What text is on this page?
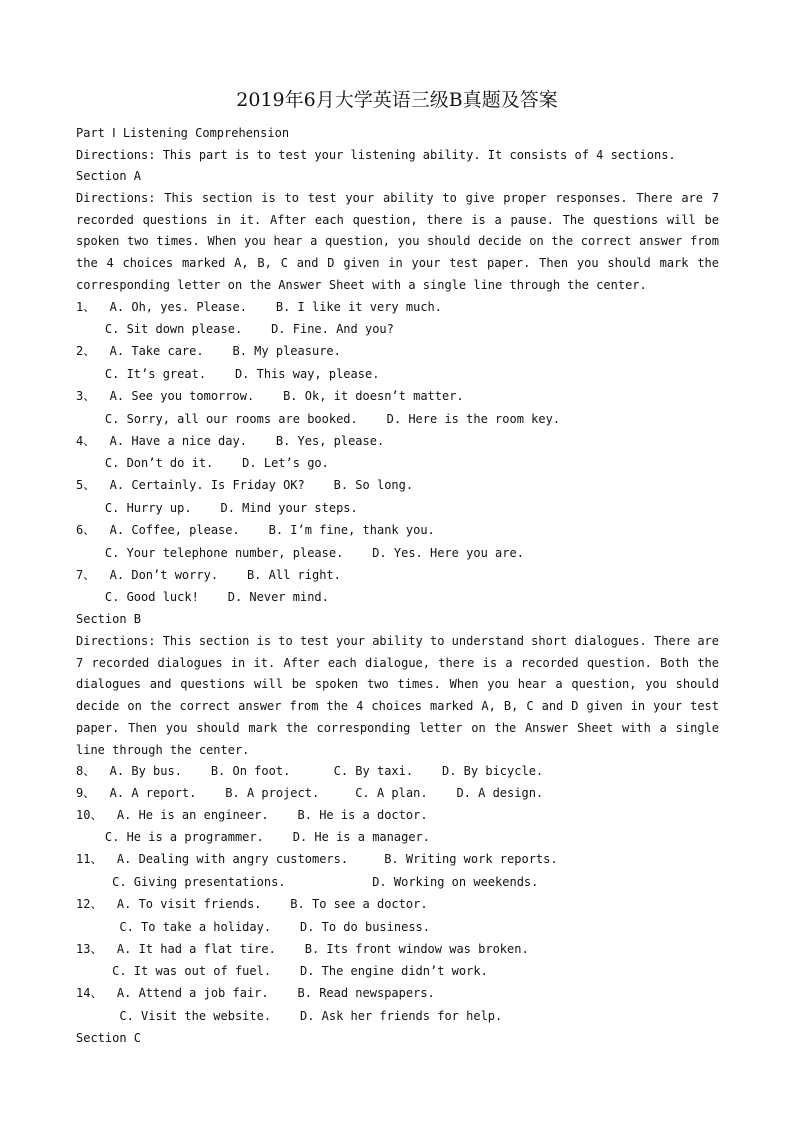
2019年6月大学英语三级B真题及答案
Part Ⅰ Listening Comprehension
Directions: This part is to test your listening ability. It consists of 4 sections.
Section A
Directions: This section is to test your ability to give proper responses. There are 7 recorded questions in it. After each question, there is a pause. The questions will be spoken two times. When you hear a question, you should decide on the correct answer from the 4 choices marked A, B, C and D given in your test paper. Then you should mark the corresponding letter on the Answer Sheet with a single line through the center.
1、  A. Oh, yes. Please.    B. I like it very much.
C. Sit down please.    D. Fine. And you?
2、  A. Take care.    B. My pleasure.
C. It’s great.    D. This way, please.
3、  A. See you tomorrow.    B. Ok, it doesn’t matter.
C. Sorry, all our rooms are booked.    D. Here is the room key.
4、  A. Have a nice day.    B. Yes, please.
C. Don’t do it.    D. Let’s go.
5、  A. Certainly. Is Friday OK?    B. So long.
C. Hurry up.    D. Mind your steps.
6、  A. Coffee, please.    B. I’m fine, thank you.
C. Your telephone number, please.    D. Yes. Here you are.
7、  A. Don’t worry.    B. All right.
C. Good luck!    D. Never mind.
Section B
Directions: This section is to test your ability to understand short dialogues. There are 7 recorded dialogues in it. After each dialogue, there is a recorded question. Both the dialogues and questions will be spoken two times. When you hear a question, you should decide on the correct answer from the 4 choices marked A, B, C and D given in your test paper. Then you should mark the corresponding letter on the Answer Sheet with a single line through the center.
8、  A. By bus.    B. On foot.      C. By taxi.    D. By bicycle.
9、  A. A report.    B. A project.     C. A plan.    D. A design.
10、  A. He is an engineer.    B. He is a doctor.
C. He is a programmer.    D. He is a manager.
11、  A. Dealing with angry customers.     B. Writing work reports.
C. Giving presentations.            D. Working on weekends.
12、  A. To visit friends.    B. To see a doctor.
C. To take a holiday.    D. To do business.
13、  A. It had a flat tire.    B. Its front window was broken.
C. It was out of fuel.    D. The engine didn’t work.
14、  A. Attend a job fair.    B. Read newspapers.
C. Visit the website.    D. Ask her friends for help.
Section C
